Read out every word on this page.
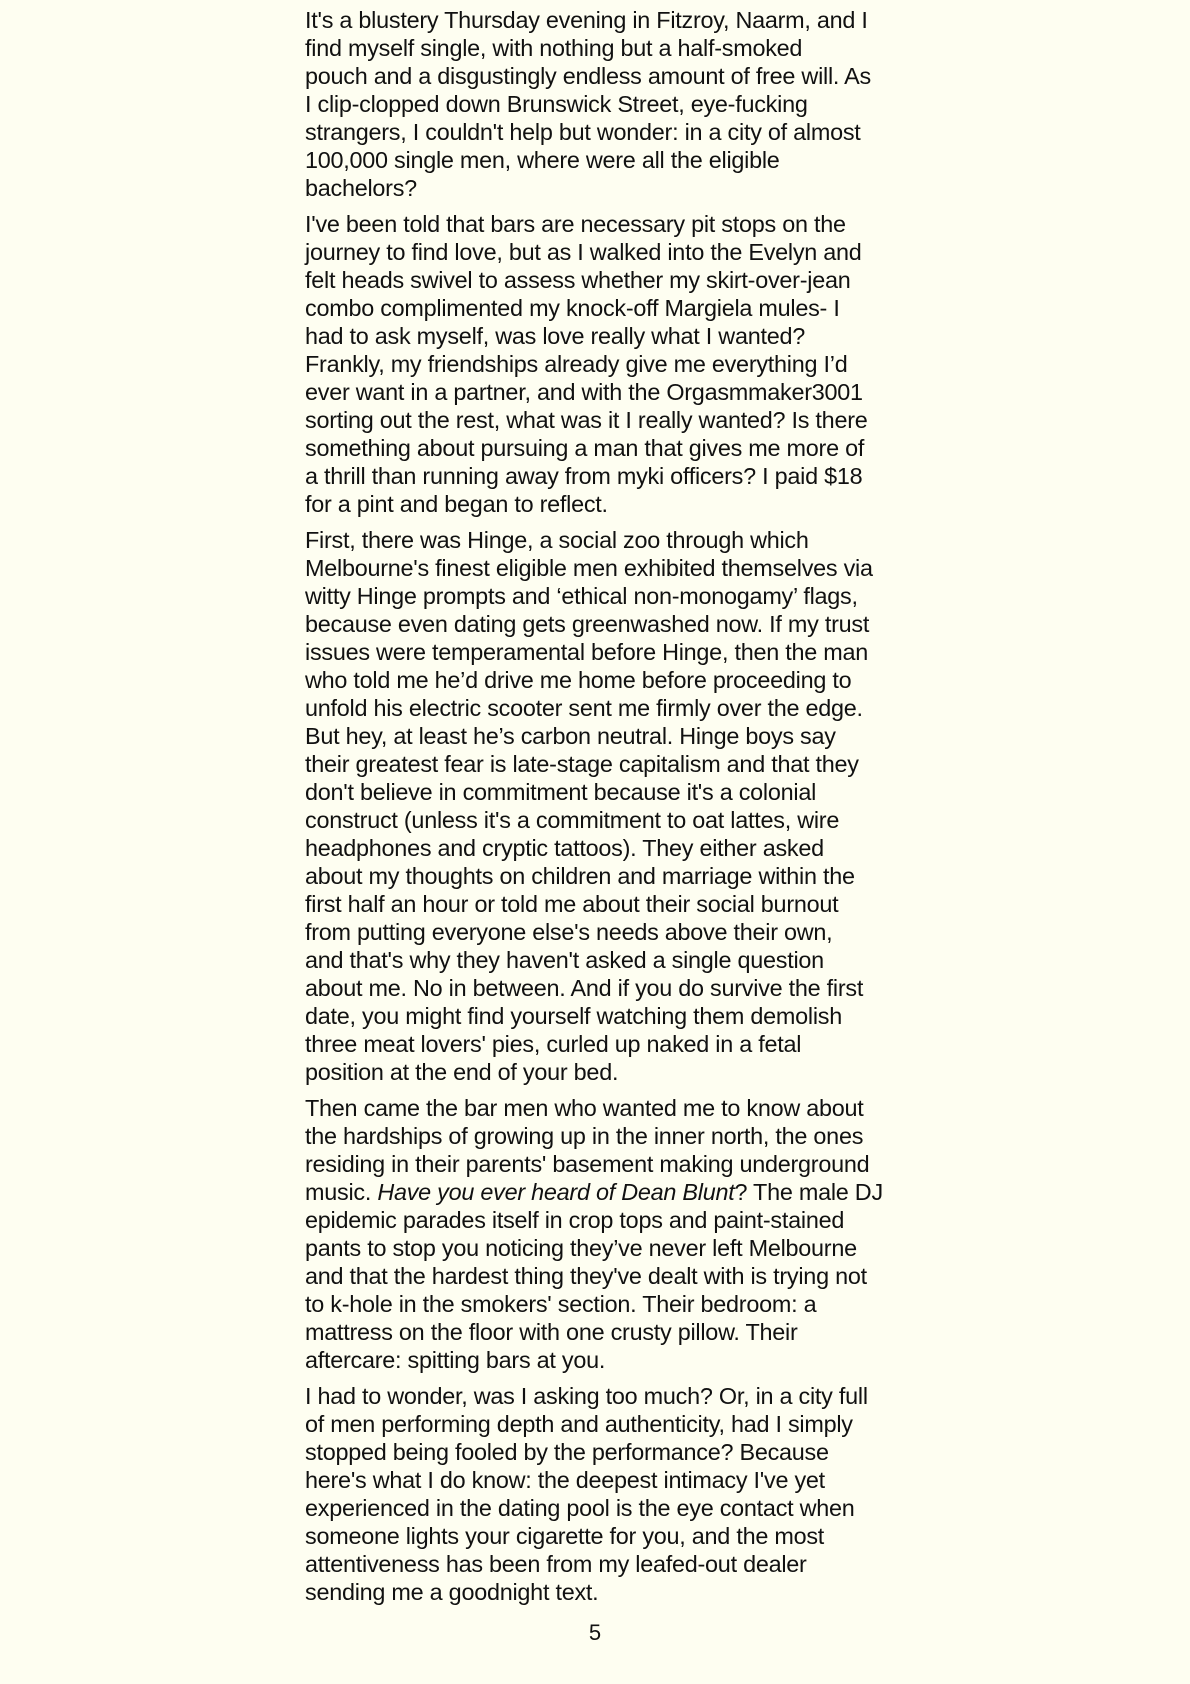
It's a blustery Thursday evening in Fitzroy, Naarm, and I
find myself single, with nothing but a half-smoked
pouch and a disgustingly endless amount of free will. As
I clip-clopped down Brunswick Street, eye-fucking
strangers, I couldn't help but wonder: in a city of almost
100,000 single men, where were all the eligible
bachelors?

I've been told that bars are necessary pit stops on the
journey to find love, but as I walked into the Evelyn and
felt heads swivel to assess whether my skirt-over-jean
combo complimented my knock-off Margiela mules- I
had to ask myself, was love really what I wanted?
Frankly, my friendships already give me everything I’d
ever want in a partner, and with the Orgasmmaker3001
sorting out the rest, what was it I really wanted? Is there
something about pursuing a man that gives me more of
a thrill than running away from myki officers? I paid $18
for a pint and began to reflect.

First, there was Hinge, a social zoo through which
Melbourne's finest eligible men exhibited themselves via
witty Hinge prompts and ‘ethical non-monogamy’ flags,
because even dating gets greenwashed now. If my trust
issues were temperamental before Hinge, then the man
who told me he’d drive me home before proceeding to
unfold his electric scooter sent me firmly over the edge.
But hey, at least he’s carbon neutral. Hinge boys say
their greatest fear is late-stage capitalism and that they
don't believe in commitment because it's a colonial
construct (unless it's a commitment to oat lattes, wire
headphones and cryptic tattoos). They either asked
about my thoughts on children and marriage within the
first half an hour or told me about their social burnout
from putting everyone else's needs above their own,
and that's why they haven't asked a single question
about me. No in between. And if you do survive the first
date, you might find yourself watching them demolish
three meat lovers' pies, curled up naked in a fetal
position at the end of your bed.

Then came the bar men who wanted me to know about
the hardships of growing up in the inner north, the ones
residing in their parents' basement making underground
music. Have you ever heard of Dean Blunt? The male DJ
epidemic parades itself in crop tops and paint-stained
pants to stop you noticing they’ve never left Melbourne
and that the hardest thing they've dealt with is trying not
to k-hole in the smokers' section. Their bedroom: a
mattress on the floor with one crusty pillow. Their
aftercare: spitting bars at you.

I had to wonder, was I asking too much? Or, in a city full
of men performing depth and authenticity, had I simply
stopped being fooled by the performance? Because
here's what I do know: the deepest intimacy I've yet
experienced in the dating pool is the eye contact when
someone lights your cigarette for you, and the most
attentiveness has been from my leafed-out dealer
sending me a goodnight text.

5
